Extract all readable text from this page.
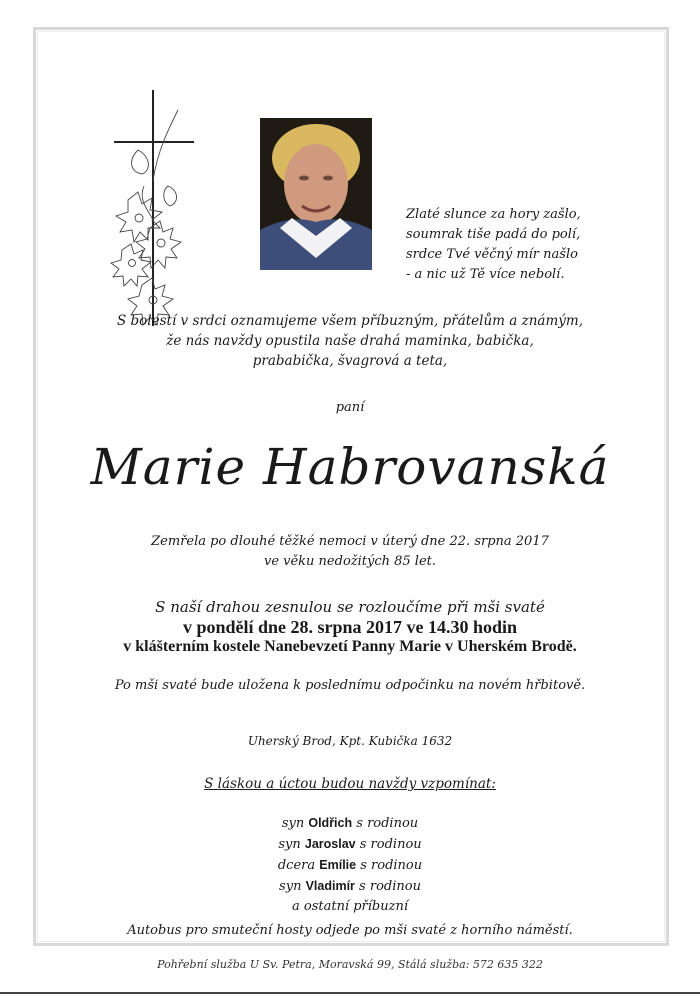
Zlaté slunce za hory zašlo,
soumrak tiše padá do polí,
srdce Tvé věčný mír našlo
- a nic už Tě více nebolí.
S bolestí v srdci oznamujeme všem příbuzným, přátelům a známým,
že nás navždy opustila naše drahá maminka, babička,
prababička, švagrová a teta,
paní
Marie Habrovanská
Zemřela po dlouhé těžké nemoci v úterý dne 22. srpna 2017
ve věku nedožitých 85 let.
S naší drahou zesnulou se rozloučíme při mši svaté
v pondělí dne 28. srpna 2017 ve 14.30 hodin
v klášterním kostele Nanebevzetí Panny Marie v Uherském Brodě.
Po mši svaté bude uložena k poslednímu odpočinku na novém hřbitově.
Uherský Brod, Kpt. Kubička 1632
S láskou a úctou budou navždy vzpomínat:
syn Oldřich s rodinou
syn Jaroslav s rodinou
dcera Emílie s rodinou
syn Vladimír s rodinou
a ostatní příbuzní
Autobus pro smuteční hosty odjede po mši svaté z horního náměstí.
Pohřební služba U Sv. Petra, Moravská 99, Stálá služba: 572 635 322
